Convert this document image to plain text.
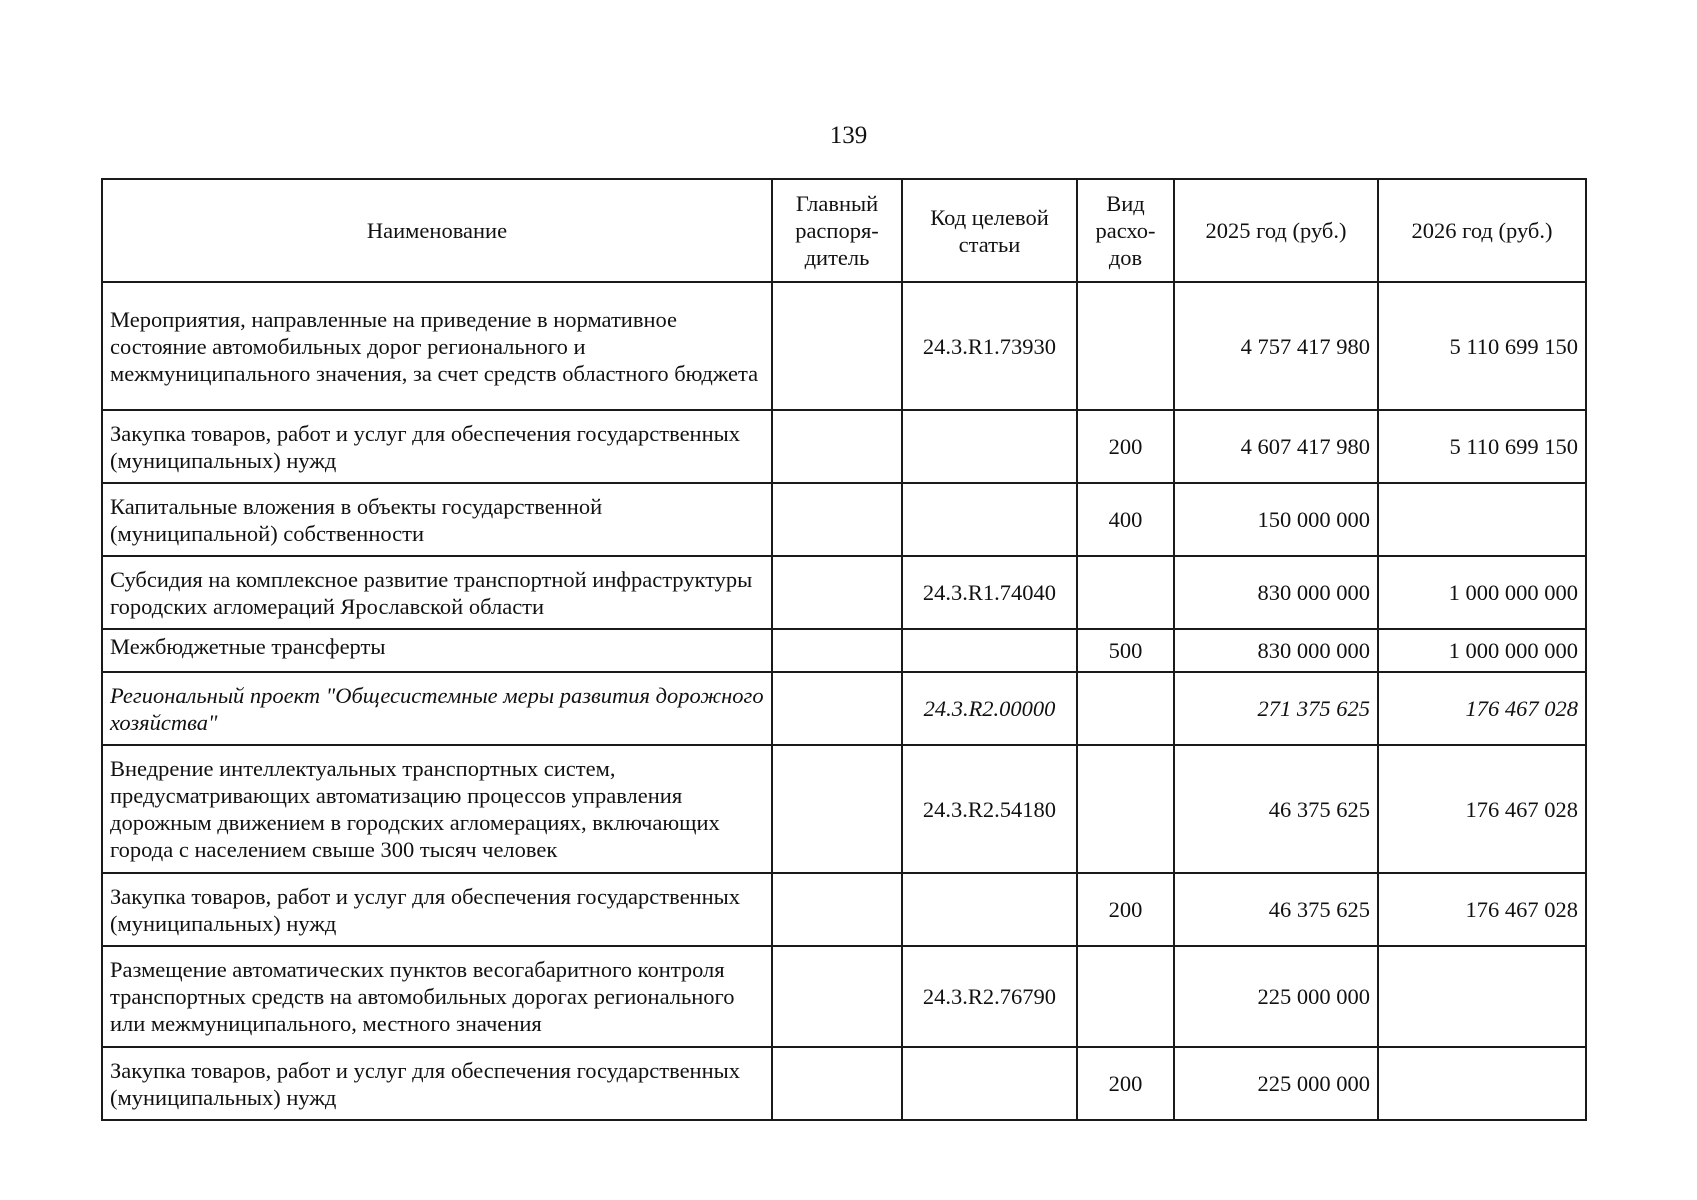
139
Наименование	Главный распоря-дитель	Код целевой статьи	Вид расхо-дов	2025 год (руб.)	2026 год (руб.)
Мероприятия, направленные на приведение в нормативное состояние автомобильных дорог регионального и межмуниципального значения, за счет средств областного бюджета		24.3.R1.73930		4 757 417 980	5 110 699 150
Закупка товаров, работ и услуг для обеспечения государственных (муниципальных) нужд			200	4 607 417 980	5 110 699 150
Капитальные вложения в объекты государственной (муниципальной) собственности			400	150 000 000	
Субсидия на комплексное развитие транспортной инфраструктуры городских агломераций Ярославской области		24.3.R1.74040		830 000 000	1 000 000 000
Межбюджетные трансферты			500	830 000 000	1 000 000 000
Региональный проект "Общесистемные меры развития дорожного хозяйства"		24.3.R2.00000		271 375 625	176 467 028
Внедрение интеллектуальных транспортных систем, предусматривающих автоматизацию процессов управления дорожным движением в городских агломерациях, включающих города с населением свыше 300 тысяч человек		24.3.R2.54180		46 375 625	176 467 028
Закупка товаров, работ и услуг для обеспечения государственных (муниципальных) нужд			200	46 375 625	176 467 028
Размещение автоматических пунктов весогабаритного контроля транспортных средств на автомобильных дорогах регионального или межмуниципального, местного значения		24.3.R2.76790		225 000 000	
Закупка товаров, работ и услуг для обеспечения государственных (муниципальных) нужд			200	225 000 000	
